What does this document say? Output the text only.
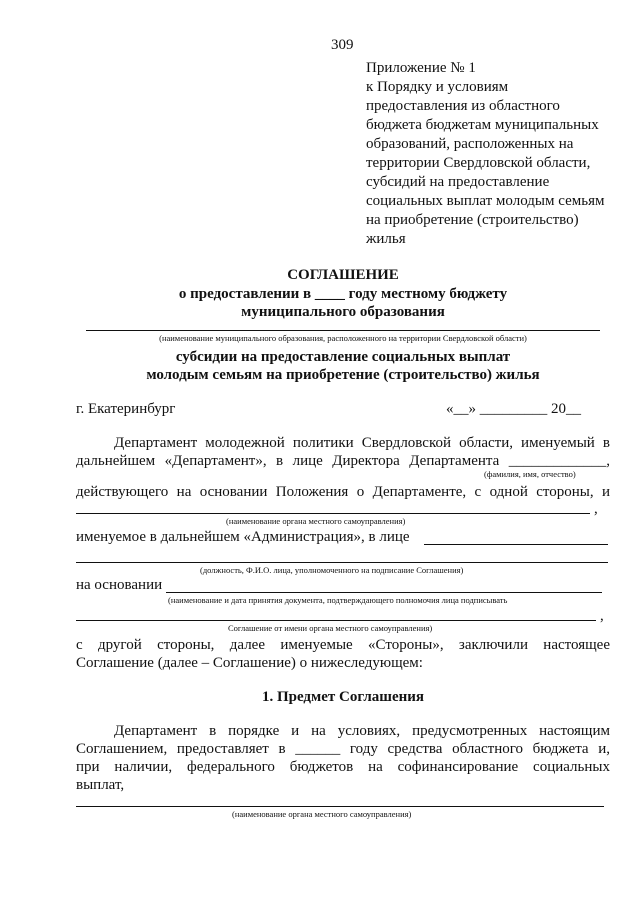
309
Приложение № 1
к Порядку и условиям
предоставления из областного
бюджета бюджетам муниципальных
образований, расположенных на
территории Свердловской области,
субсидий на предоставление
социальных выплат молодым семьям
на приобретение (строительство)
жилья
СОГЛАШЕНИЕ
о предоставлении в ____ году местному бюджету
муниципального образования
(наименование муниципального образования, расположенного на территории Свердловской области)
субсидии на предоставление социальных выплат
молодым семьям на приобретение (строительство) жилья
г. Екатеринбург	«__» _________ 20__
Департамент молодежной политики Свердловской области, именуемый в
дальнейшем «Департамент», в лице Директора Департамента _____________,
(фамилия, имя, отчество)
действующего на основании Положения о Департаменте, с одной стороны, и
,
(наименование органа местного самоуправления)
именуемое в дальнейшем «Администрация», в лице
(должность, Ф.И.О. лица, уполномоченного на подписание Соглашения)
на основании
(наименование и дата принятия документа, подтверждающего полномочия лица подписывать
,
Соглашение от имени органа местного самоуправления)
с другой стороны, далее именуемые «Стороны», заключили настоящее
Соглашение (далее – Соглашение) о нижеследующем:
1. Предмет Соглашения
Департамент в порядке и на условиях, предусмотренных настоящим
Соглашением, предоставляет в ______ году средства областного бюджета и,
при наличии, федерального бюджетов на софинансирование социальных
выплат,
(наименование органа местного самоуправления)
